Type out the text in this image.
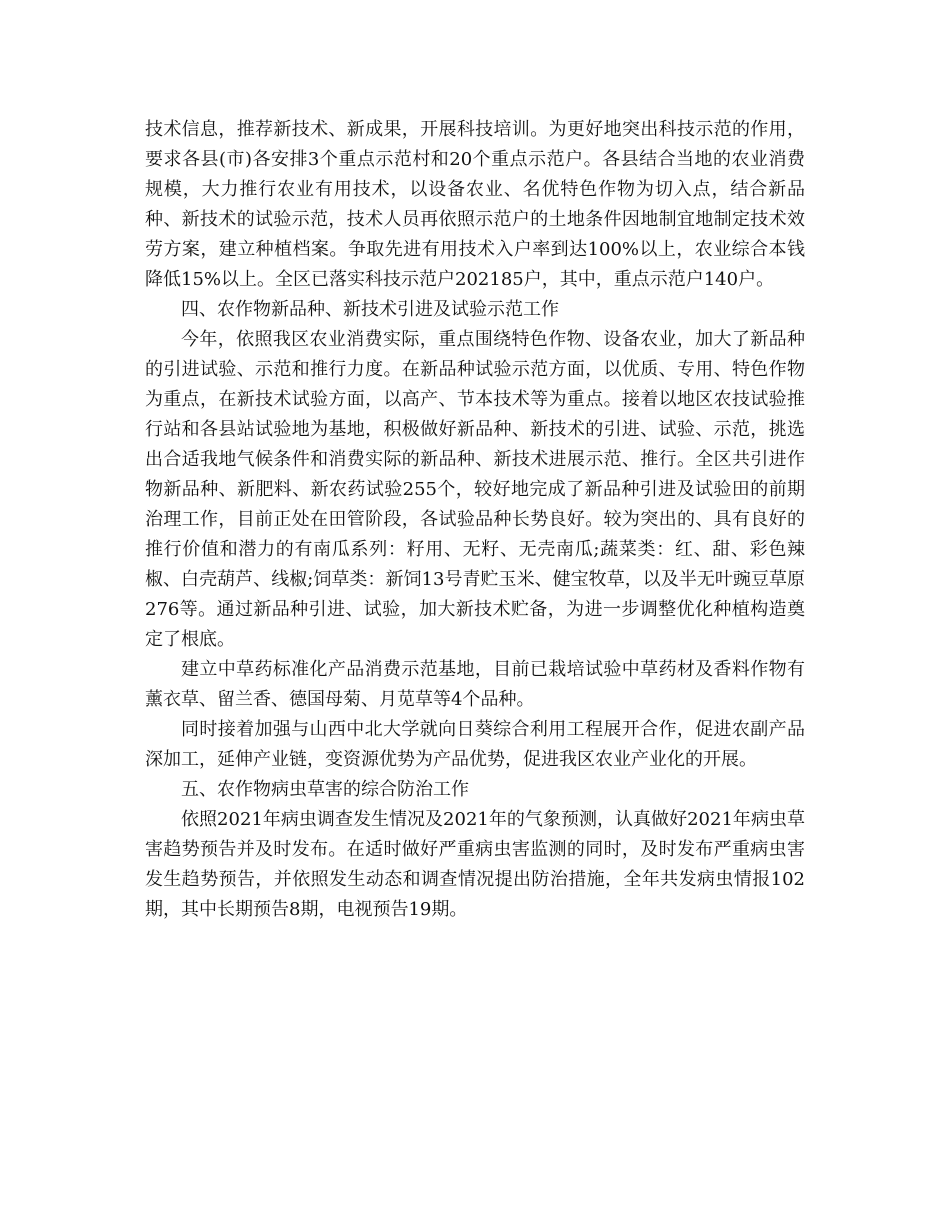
技术信息，推荐新技术、新成果，开展科技培训。为更好地突出科技示范的作用，要求各县(市)各安排3个重点示范村和20个重点示范户。各县结合当地的农业消费规模，大力推行农业有用技术，以设备农业、名优特色作物为切入点，结合新品种、新技术的试验示范，技术人员再依照示范户的土地条件因地制宜地制定技术效劳方案，建立种植档案。争取先进有用技术入户率到达100%以上，农业综合本钱降低15%以上。全区已落实科技示范户202185户，其中，重点示范户140户。

四、农作物新品种、新技术引进及试验示范工作

今年，依照我区农业消费实际，重点围绕特色作物、设备农业，加大了新品种的引进试验、示范和推行力度。在新品种试验示范方面，以优质、专用、特色作物为重点，在新技术试验方面，以高产、节本技术等为重点。接着以地区农技试验推行站和各县站试验地为基地，积极做好新品种、新技术的引进、试验、示范，挑选出合适我地气候条件和消费实际的新品种、新技术进展示范、推行。全区共引进作物新品种、新肥料、新农药试验255个，较好地完成了新品种引进及试验田的前期治理工作，目前正处在田管阶段，各试验品种长势良好。较为突出的、具有良好的推行价值和潜力的有南瓜系列：籽用、无籽、无壳南瓜;蔬菜类：红、甜、彩色辣椒、白壳葫芦、线椒;饲草类：新饲13号青贮玉米、健宝牧草，以及半无叶豌豆草原276等。通过新品种引进、试验，加大新技术贮备，为进一步调整优化种植构造奠定了根底。

建立中草药标准化产品消费示范基地，目前已栽培试验中草药材及香料作物有薰衣草、留兰香、德国母菊、月苋草等4个品种。

同时接着加强与山西中北大学就向日葵综合利用工程展开合作，促进农副产品深加工，延伸产业链，变资源优势为产品优势，促进我区农业产业化的开展。

五、农作物病虫草害的综合防治工作

依照2021年病虫调查发生情况及2021年的气象预测，认真做好2021年病虫草害趋势预告并及时发布。在适时做好严重病虫害监测的同时，及时发布严重病虫害发生趋势预告，并依照发生动态和调查情况提出防治措施，全年共发病虫情报102期，其中长期预告8期，电视预告19期。
